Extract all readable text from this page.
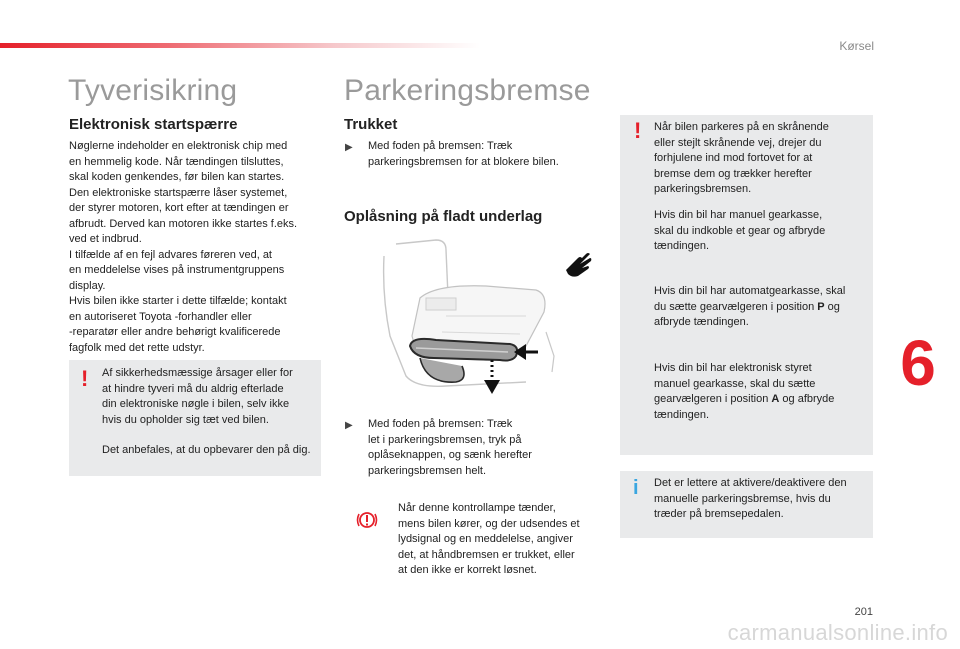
Kørsel
Tyverisikring
Elektronisk startspærre
Nøglerne indeholder en elektronisk chip med
en hemmelig kode. Når tændingen tilsluttes,
skal koden genkendes, før bilen kan startes.
Den elektroniske startspærre låser systemet,
der styrer motoren, kort efter at tændingen er
afbrudt. Derved kan motoren ikke startes f.eks.
ved et indbrud.
I tilfælde af en fejl advares føreren ved, at
en meddelelse vises på instrumentgruppens
display.
Hvis bilen ikke starter i dette tilfælde; kontakt
en autoriseret Toyota -forhandler eller
-reparatør eller andre behørigt kvalificerede
fagfolk med det rette udstyr.
! Af sikkerhedsmæssige årsager eller for
at hindre tyveri må du aldrig efterlade
din elektroniske nøgle i bilen, selv ikke
hvis du opholder sig tæt ved bilen.
Det anbefales, at du opbevarer den på dig.
Parkeringsbremse
Trukket
▶ Med foden på bremsen: Træk
parkeringsbremsen for at blokere bilen.
Oplåsning på fladt underlag
▶ Med foden på bremsen: Træk
let i parkeringsbremsen, tryk på
oplåseknappen, og sænk herefter
parkeringsbremsen helt.
Når denne kontrollampe tænder,
mens bilen kører, og der udsendes et
lydsignal og en meddelelse, angiver
det, at håndbremsen er trukket, eller
at den ikke er korrekt løsnet.
! Når bilen parkeres på en skrånende
eller stejlt skrånende vej, drejer du
forhjulene ind mod fortovet for at
bremse dem og trækker herefter
parkeringsbremsen.
Hvis din bil har manuel gearkasse,
skal du indkoble et gear og afbryde
tændingen.
Hvis din bil har automatgearkasse, skal
du sætte gearvælgeren i position P og
afbryde tændingen.
Hvis din bil har elektronisk styret
manuel gearkasse, skal du sætte
gearvælgeren i position A og afbryde
tændingen.
i Det er lettere at aktivere/deaktivere den
manuelle parkeringsbremse, hvis du
træder på bremsepedalen.
6
201
carmanualsonline.info
